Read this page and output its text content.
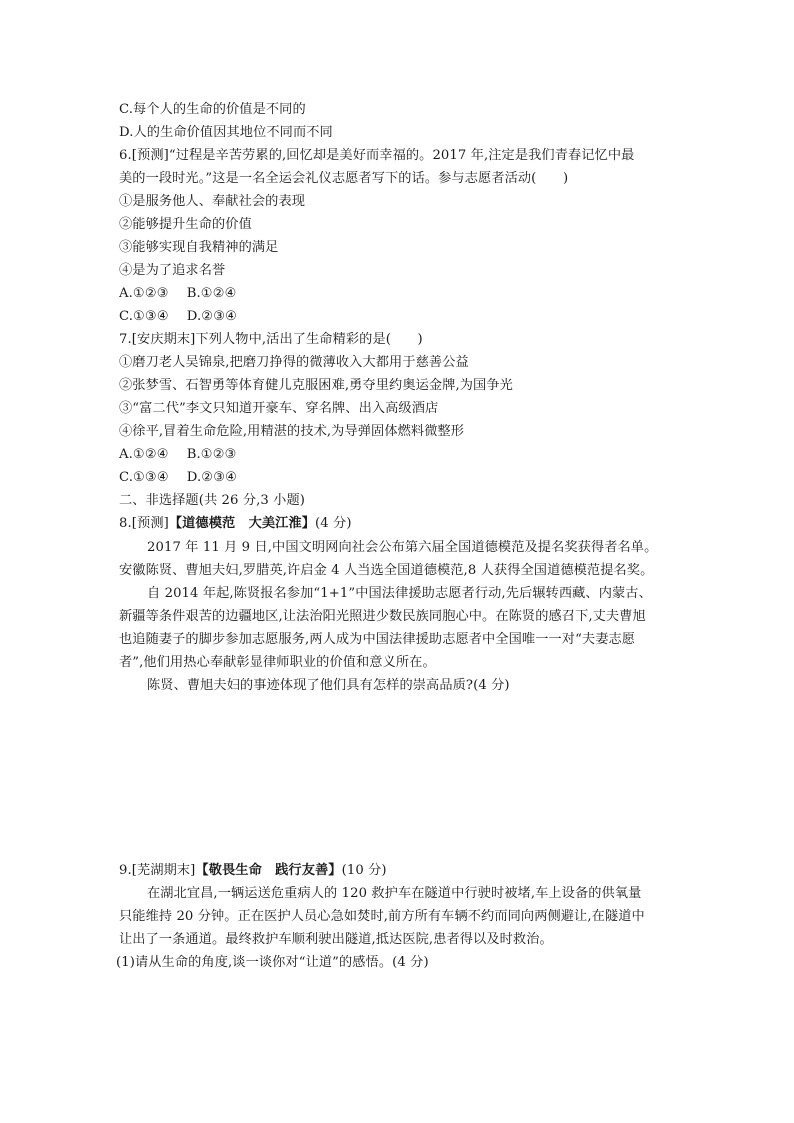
C.每个人的生命的价值是不同的
D.人的生命价值因其地位不同而不同
6.[预测]“过程是辛苦劳累的,回忆却是美好而幸福的。2017 年,注定是我们青春记忆中最
美的一段时光。”这是一名全运会礼仪志愿者写下的话。参与志愿者活动(　　)
①是服务他人、奉献社会的表现
②能够提升生命的价值
③能够实现自我精神的满足
④是为了追求名誉
A.①②③ B.①②④
C.①③④ D.②③④
7.[安庆期末]下列人物中,活出了生命精彩的是(　　)
①磨刀老人吴锦泉,把磨刀挣得的微薄收入大都用于慈善公益
②张梦雪、石智勇等体育健儿克服困难,勇夺里约奥运金牌,为国争光
③“富二代”李文只知道开豪车、穿名牌、出入高级酒店
④徐平,冒着生命危险,用精湛的技术,为导弹固体燃料微整形
A.①②④ B.①②③
C.①③④ D.②③④
二、非选择题(共 26 分,3 小题)
8.[预测]【道德模范　大美江淮】(4 分)
2017 年 11 月 9 日,中国文明网向社会公布第六届全国道德模范及提名奖获得者名单。
安徽陈贤、曹旭夫妇,罗腊英,许启金 4 人当选全国道德模范,8 人获得全国道德模范提名奖。
自 2014 年起,陈贤报名参加“1+1”中国法律援助志愿者行动,先后辗转西藏、内蒙古、
新疆等条件艰苦的边疆地区,让法治阳光照进少数民族同胞心中。在陈贤的感召下,丈夫曹旭
也追随妻子的脚步参加志愿服务,两人成为中国法律援助志愿者中全国唯一一对“夫妻志愿
者”,他们用热心奉献彰显律师职业的价值和意义所在。
陈贤、曹旭夫妇的事迹体现了他们具有怎样的崇高品质?(4 分)
9.[芜湖期末]【敬畏生命　践行友善】(10 分)
在湖北宜昌,一辆运送危重病人的 120 救护车在隧道中行驶时被堵,车上设备的供氧量
只能维持 20 分钟。正在医护人员心急如焚时,前方所有车辆不约而同向两侧避让,在隧道中
让出了一条通道。最终救护车顺利驶出隧道,抵达医院,患者得以及时救治。
(1)请从生命的角度,谈一谈你对“让道”的感悟。(4 分)
